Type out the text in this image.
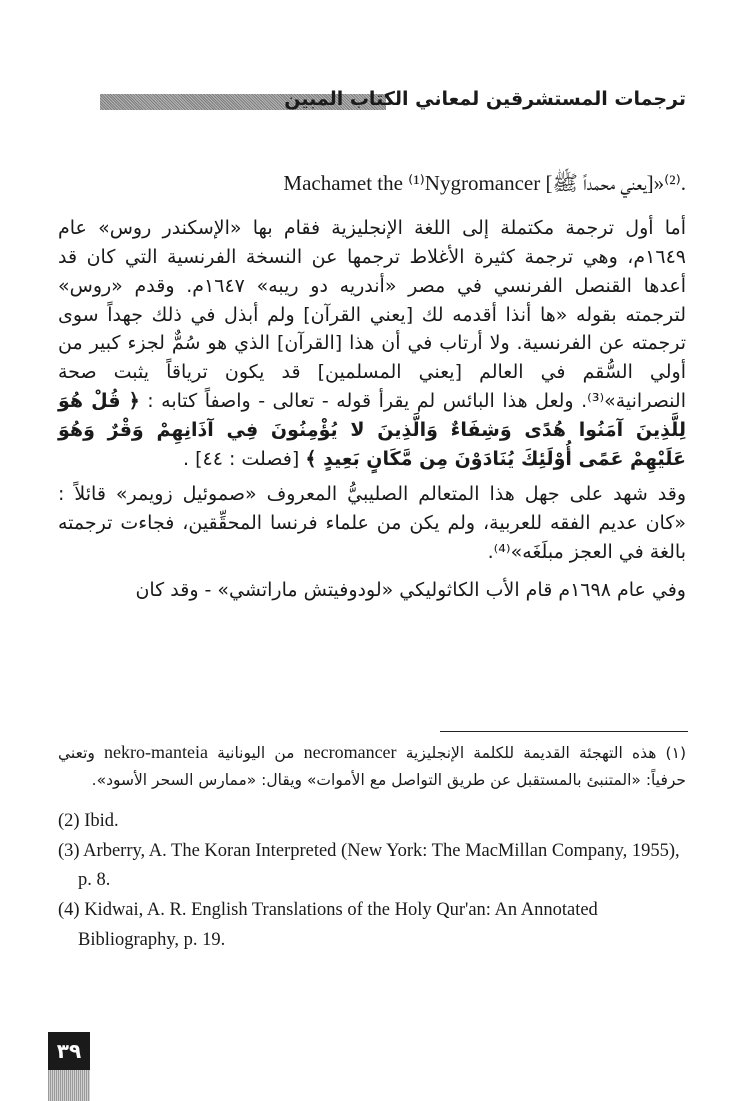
ترجمات المستشرقين لمعاني الكتاب المبين

Machamet the ⁽¹⁾Nygromancer [يعني محمداً ﷺ]»⁽²⁾.

أما أول ترجمة مكتملة إلى اللغة الإنجليزية فقام بها «الإسكندر روس» عام ١٦٤٩م، وهي ترجمة كثيرة الأغلاط ترجمها عن النسخة الفرنسية التي كان قد أعدها القنصل الفرنسي في مصر «أندريه دو ريبه» ١٦٤٧م. وقدم «روس» لترجمته بقوله «ها أنذا أقدمه لك [يعني القرآن] ولم أبذل في ذلك جهداً سوى ترجمته عن الفرنسية. ولا أرتاب في أن هذا [القرآن] الذي هو سُمٌّ لجزء كبير من أولي السُّقم في العالم [يعني المسلمين] قد يكون ترياقاً يثبت صحة النصرانية»⁽³⁾. ولعل هذا البائس لم يقرأ قوله - تعالى - واصفاً كتابه : ﴿ قُلْ هُوَ لِلَّذِينَ آمَنُوا هُدًى وَشِفَاءٌ وَالَّذِينَ لا يُؤْمِنُونَ فِي آذَانِهِمْ وَقْرٌ وَهُوَ عَلَيْهِمْ عَمًى أُوْلَئِكَ يُنَادَوْنَ مِن مَّكَانٍ بَعِيدٍ ﴾ [فصلت : ٤٤] .

وقد شهد على جهل هذا المتعالم الصليبيُّ المعروف «صموئيل زويمر» قائلاً : «كان عديم الفقه للعربية، ولم يكن من علماء فرنسا المحقِّقين، فجاءت ترجمته بالغة في العجز مبلَغَه»⁽⁴⁾.

وفي عام ١٦٩٨م قام الأب الكاثوليكي «لودوفيتش ماراتشي» - وقد كان

(١) هذه التهجئة القديمة للكلمة الإنجليزية necromancer من اليونانية nekro-manteia وتعني حرفياً: «المتنبئ بالمستقبل عن طريق التواصل مع الأموات» ويقال: «ممارس السحر الأسود».

(2) Ibid.

(3) Arberry, A. The Koran Interpreted (New York: The MacMillan Company, 1955), p. 8.

(4) Kidwai, A. R. English Translations of the Holy Qur'an: An Annotated Bibliography, p. 19.

٣٩
